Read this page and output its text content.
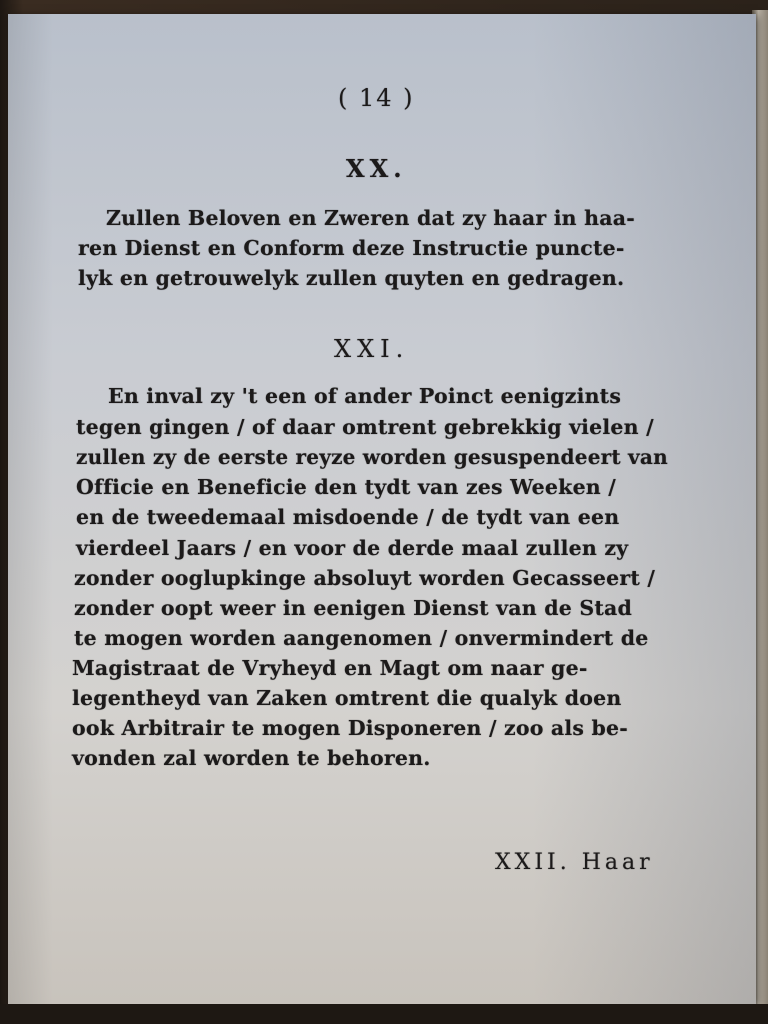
( 14 )

XX.

Zullen Beloven en Zweren dat zy haar in haa-

ren Dienst en Conform deze Instructie puncte-

lyk en getrouwelyk zullen quyten en gedragen.

XXI.

En inval zy 't een of ander Poinct eenigzints

tegen gingen / of daar omtrent gebrekkig vielen /

zullen zy de eerste reyze worden gesuspendeert van

Officie en Beneficie den tydt van zes Weeken /

en de tweedemaal misdoende / de tydt van een

vierdeel Jaars / en voor de derde maal zullen zy

zonder ooglupkinge absoluyt worden Gecasseert /

zonder oopt weer in eenigen Dienst van de Stad

te mogen worden aangenomen / onvermindert de

Magistraat de Vryheyd en Magt om naar ge-

legentheyd van Zaken omtrent die qualyk doen

ook Arbitrair te mogen Disponeren / zoo als be-

vonden zal worden te behoren.

XXII. Haar
